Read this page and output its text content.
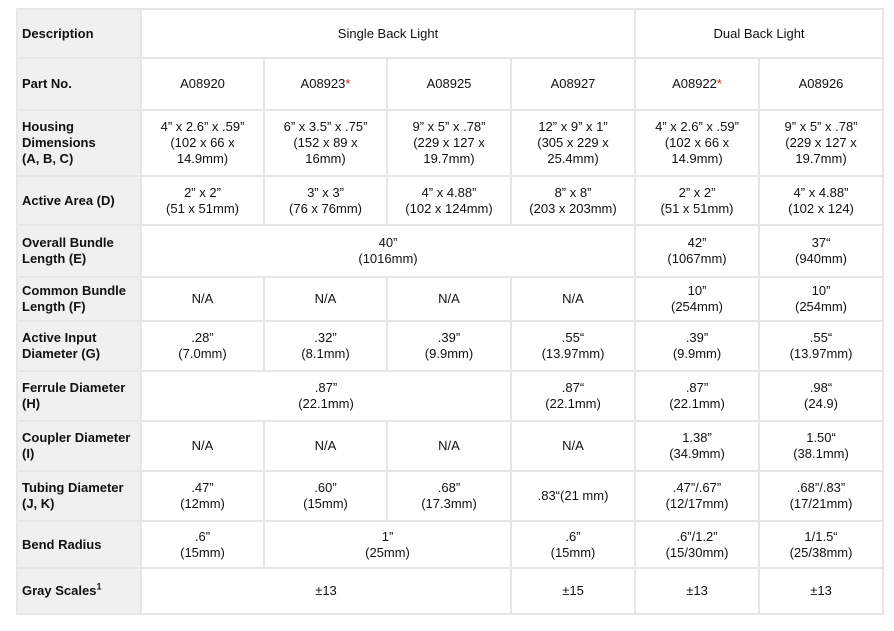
Description	Single Back Light				Dual Back Light	

Part No.	A08920	A08923*	A08925	A08927	A08922*	A08926

Housing
Dimensions
(A, B, C)	4” x 2.6” x .59”
(102 x 66 x
14.9mm)	6” x 3.5” x .75”
(152 x 89 x
16mm)	9” x 5” x .78”
(229 x 127 x
19.7mm)	12” x 9” x 1”
(305 x 229 x
25.4mm)	4” x 2.6” x .59”
(102 x 66 x
14.9mm)	9” x 5” x .78”
(229 x 127 x
19.7mm)

Active Area (D)	2” x 2”
(51 x 51mm)	3” x 3”
(76 x 76mm)	4” x 4.88”
(102 x 124mm)	8” x 8”
(203 x 203mm)	2” x 2”
(51 x 51mm)	4” x 4.88”
(102 x 124)

Overall Bundle
Length (E)	40”
(1016mm)				42”
(1067mm)	37“
(940mm)

Common Bundle
Length (F)	N/A	N/A	N/A	N/A	10”
(254mm)	10”
(254mm)

Active Input
Diameter (G)	.28”
(7.0mm)	.32”
(8.1mm)	.39”
(9.9mm)	.55“
(13.97mm)	.39”
(9.9mm)	.55“
(13.97mm)

Ferrule Diameter
(H)	.87”
(22.1mm)			.87“
(22.1mm)	.87”
(22.1mm)	.98“
(24.9)

Coupler Diameter
(I)	N/A	N/A	N/A	N/A	1.38”
(34.9mm)	1.50“
(38.1mm)

Tubing Diameter
(J, K)	.47”
(12mm)	.60”
(15mm)	.68”
(17.3mm)	.83“(21 mm)	.47”/.67”
(12/17mm)	.68”/.83”
(17/21mm)

Bend Radius	.6”
(15mm)	1”
(25mm)		.6”
(15mm)	.6”/1.2”
(15/30mm)	1/1.5“
(25/38mm)

Gray Scales$^1$	±13			±15	±13	±13
